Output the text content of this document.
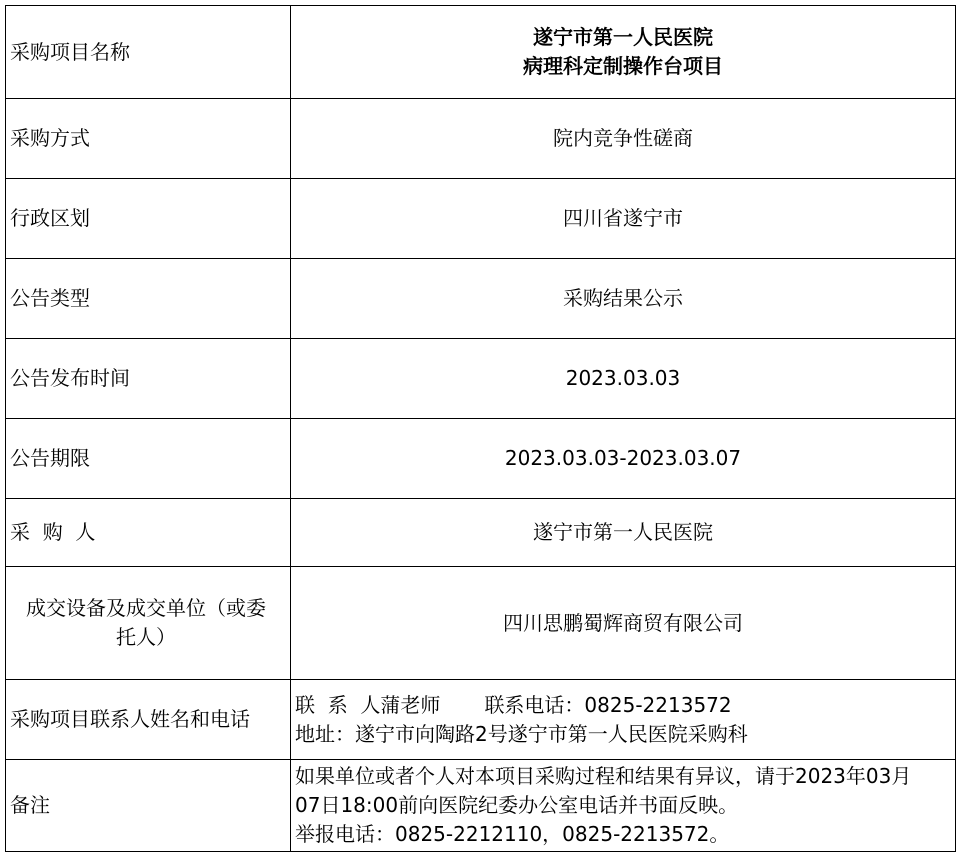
采购项目名称	遂宁市第一人民医院
病理科定制操作台项目

采购方式	院内竞争性磋商
行政区划	四川省遂宁市
公告类型	采购结果公示
公告发布时间	2023.03.03
公告期限	2023.03.03-2023.03.07
采  购  人	遂宁市第一人民医院

成交设备及成交单位（或委
托人）	四川思鹏蜀辉商贸有限公司
采购项目联系人姓名和电话	联  系  人蒲老师 联系电话：0825-2213572
地址：遂宁市向陶路2号遂宁市第一人民医院采购科

备注	如果单位或者个人对本项目采购过程和结果有异议，请于2023年03月
07日18:00前向医院纪委办公室电话并书面反映。
举报电话：0825-2212110，0825-2213572。
